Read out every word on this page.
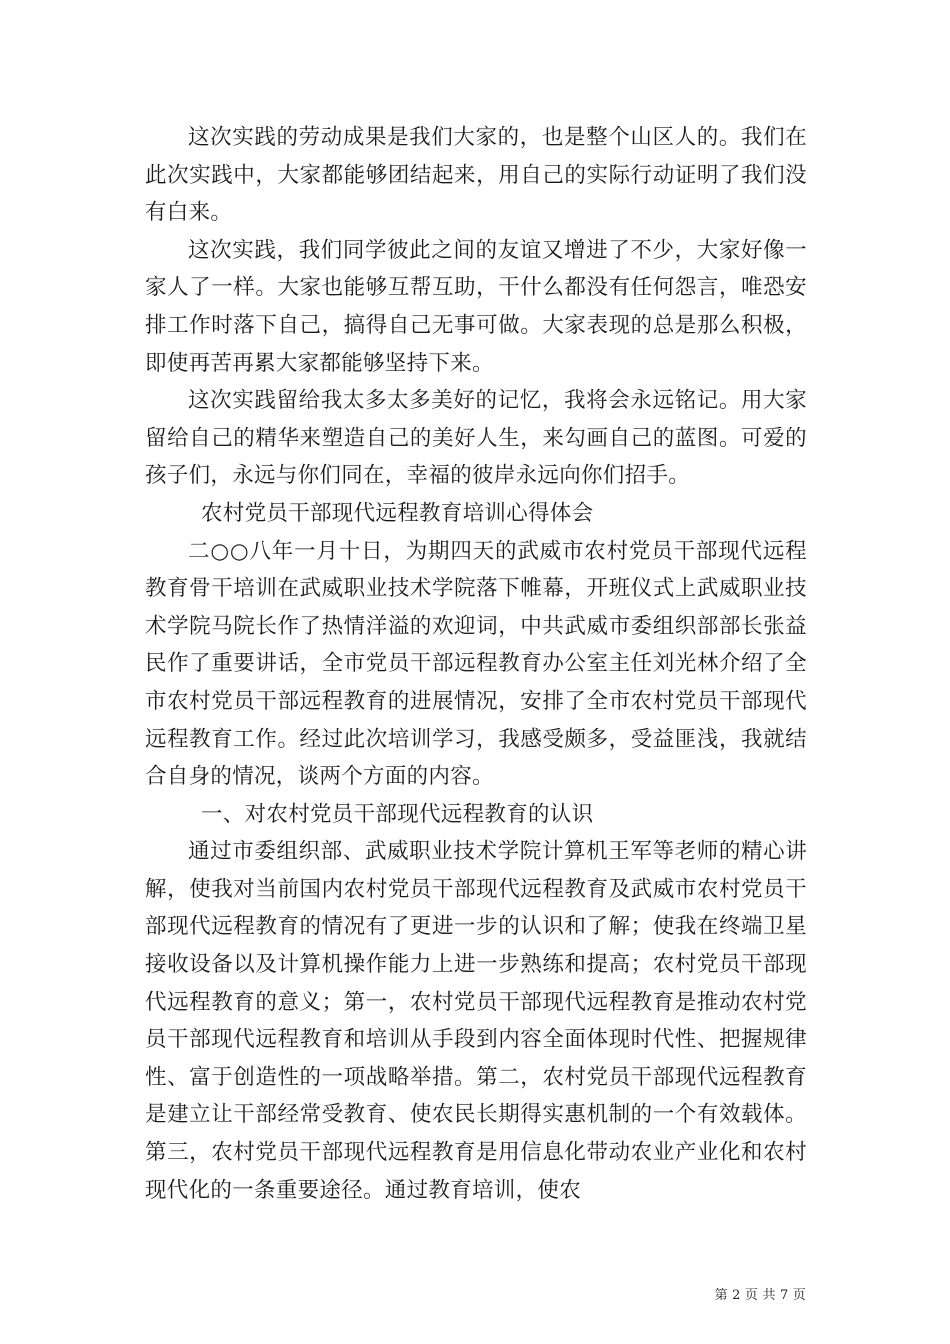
这次实践的劳动成果是我们大家的，也是整个山区人的。我们在此次实践中，大家都能够团结起来，用自己的实际行动证明了我们没有白来。

这次实践，我们同学彼此之间的友谊又增进了不少，大家好像一家人了一样。大家也能够互帮互助，干什么都没有任何怨言，唯恐安排工作时落下自己，搞得自己无事可做。大家表现的总是那么积极，即使再苦再累大家都能够坚持下来。

这次实践留给我太多太多美好的记忆，我将会永远铭记。用大家留给自己的精华来塑造自己的美好人生，来勾画自己的蓝图。可爱的孩子们，永远与你们同在，幸福的彼岸永远向你们招手。

农村党员干部现代远程教育培训心得体会

二○○八年一月十日，为期四天的武威市农村党员干部现代远程教育骨干培训在武威职业技术学院落下帷幕，开班仪式上武威职业技术学院马院长作了热情洋溢的欢迎词，中共武威市委组织部部长张益民作了重要讲话，全市党员干部远程教育办公室主任刘光林介绍了全市农村党员干部远程教育的进展情况，安排了全市农村党员干部现代远程教育工作。经过此次培训学习，我感受颇多，受益匪浅，我就结合自身的情况，谈两个方面的内容。

一、对农村党员干部现代远程教育的认识

通过市委组织部、武威职业技术学院计算机王军等老师的精心讲解，使我对当前国内农村党员干部现代远程教育及武威市农村党员干部现代远程教育的情况有了更进一步的认识和了解；使我在终端卫星接收设备以及计算机操作能力上进一步熟练和提高；农村党员干部现代远程教育的意义；第一，农村党员干部现代远程教育是推动农村党员干部现代远程教育和培训从手段到内容全面体现时代性、把握规律性、富于创造性的一项战略举措。第二，农村党员干部现代远程教育是建立让干部经常受教育、使农民长期得实惠机制的一个有效载体。第三，农村党员干部现代远程教育是用信息化带动农业产业化和农村现代化的一条重要途径。通过教育培训，使农

第 2 页 共 7 页
